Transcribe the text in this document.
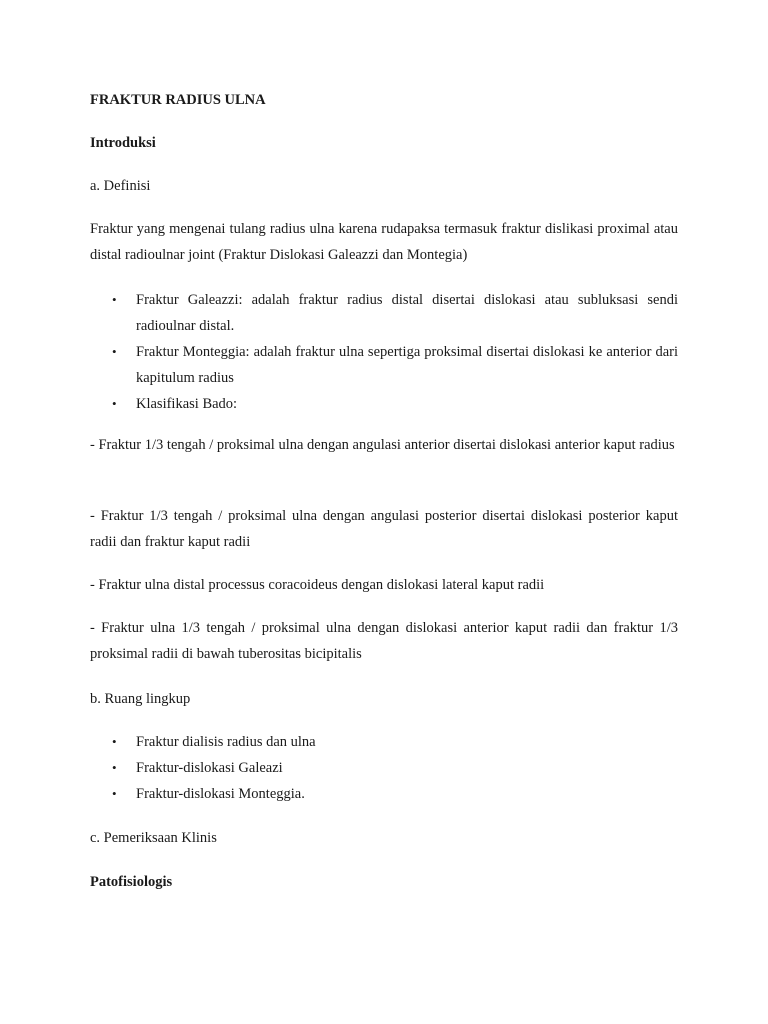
FRAKTUR RADIUS ULNA

Introduksi

a. Definisi

Fraktur yang mengenai tulang radius ulna karena rudapaksa termasuk fraktur dislikasi proximal atau distal radioulnar joint (Fraktur Dislokasi Galeazzi dan Montegia)

• Fraktur Galeazzi: adalah fraktur radius distal disertai dislokasi atau subluksasi sendi radioulnar distal.
• Fraktur Monteggia: adalah fraktur ulna sepertiga proksimal disertai dislokasi ke anterior dari kapitulum radius
• Klasifikasi Bado:

- Fraktur 1/3 tengah / proksimal ulna dengan angulasi anterior disertai dislokasi anterior kaput radius

- Fraktur 1/3 tengah / proksimal ulna dengan angulasi posterior disertai dislokasi posterior kaput radii dan fraktur kaput radii

- Fraktur ulna distal processus coracoideus dengan dislokasi lateral kaput radii

- Fraktur ulna 1/3 tengah / proksimal ulna dengan dislokasi anterior kaput radii dan fraktur 1/3 proksimal radii di bawah tuberositas bicipitalis

b. Ruang lingkup

• Fraktur dialisis radius dan ulna
• Fraktur-dislokasi Galeazi
• Fraktur-dislokasi Monteggia.

c. Pemeriksaan Klinis

Patofisiologis
